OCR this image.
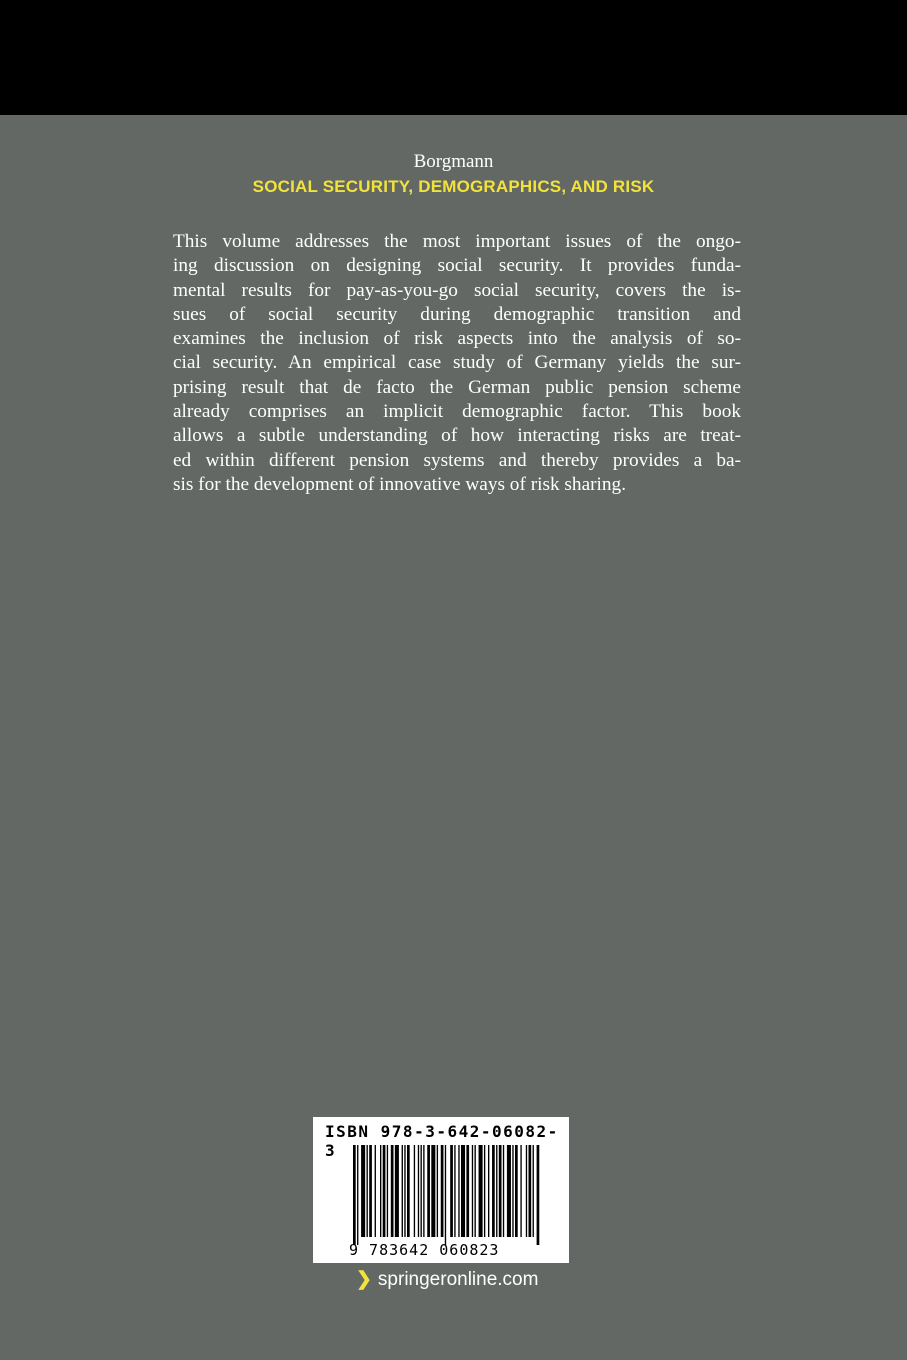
Borgmann
SOCIAL SECURITY, DEMOGRAPHICS, AND RISK
This volume addresses the most important issues of the ongo-
ing discussion on designing social security. It provides funda-
mental results for pay-as-you-go social security, covers the is-
sues of social security during demographic transition and
examines the inclusion of risk aspects into the analysis of so-
cial security. An empirical case study of Germany yields the sur-
prising result that de facto the German public pension scheme
already comprises an implicit demographic factor. This book
allows a subtle understanding of how interacting risks are treat-
ed within different pension systems and thereby provides a ba-
sis for the development of innovative ways of risk sharing.
ISBN 978-3-642-06082-3
9 783642 060823
❯ springeronline.com
